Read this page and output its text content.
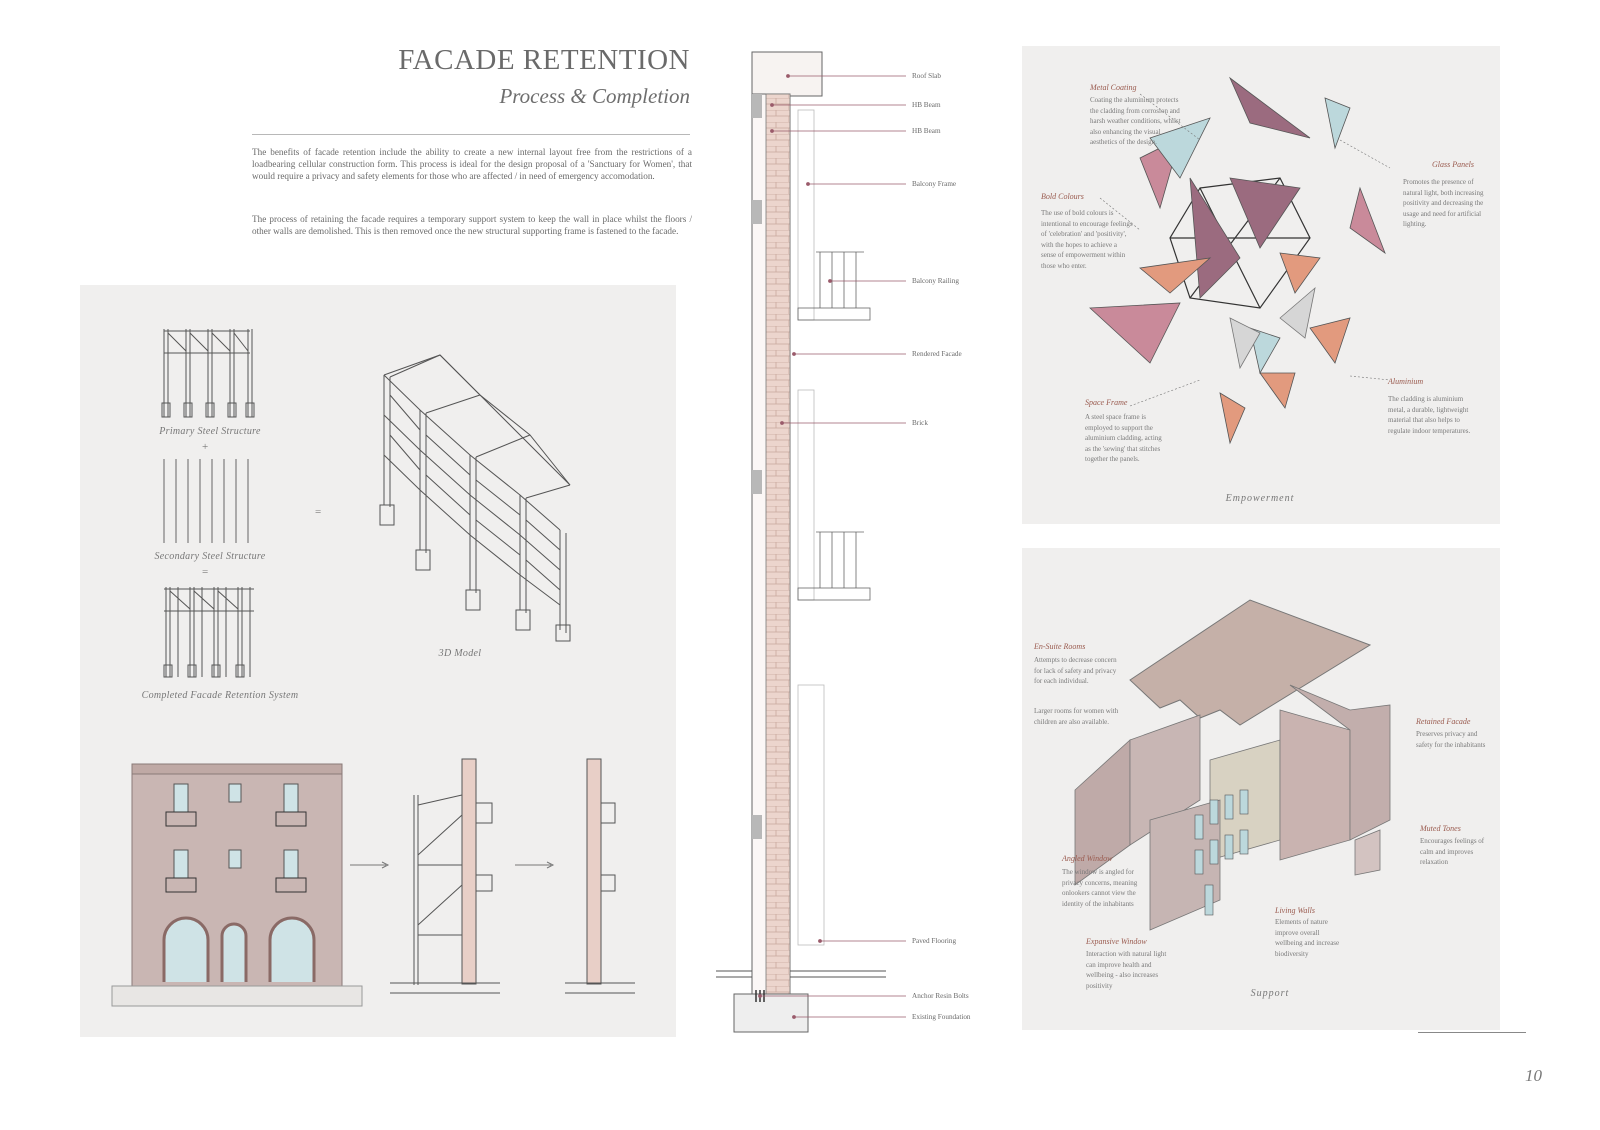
FACADE RETENTION
Process & Completion
The benefits of facade retention include the ability to create a new internal layout free from the restrictions of a loadbearing cellular construction form. This process is ideal for the design proposal of a 'Sanctuary for Women', that would require a privacy and safety elements for those who are affected / in need of emergency accomodation.
The process of retaining the facade requires a temporary support system to keep the wall in place whilst the floors / other walls are demolished. This is then removed once the new structural supporting frame is fastened to the facade.
Primary Steel Structure
+
Secondary Steel Structure
=
Completed Facade Retention System
=
3D Model
Roof Slab
HB Beam
HB Beam
Balcony Frame
Balcony Railing
Rendered Facade
Brick
Paved Flooring
Anchor Resin Bolts
Existing Foundation
Metal Coating
Coating the aluminium protects the cladding from corrosion and harsh weather conditions, whilst also enhancing the visual aesthetics of the design.
Glass Panels
Promotes the presence of natural light, both increasing positivity and decreasing the usage and need for artificial lighting.
Bold Colours
The use of bold colours is intentional to encourage feelings of 'celebration' and 'positivity', with the hopes to achieve a sense of empowerment within those who enter.
Aluminium
The cladding is aluminium metal, a durable, lightweight material that also helps to regulate indoor temperatures.
Space Frame
A steel space frame is employed to support the aluminium cladding, acting as the 'sewing' that stitches together the panels.
Empowerment
En-Suite Rooms
Attempts to decrease concern for lack of safety and privacy for each individual.
Larger rooms for women with children are also available.	Retained Facade
Preserves privacy and safety for the inhabitants
Muted Tones
Encourages feelings of calm and improves relaxation
Angled Window
The window is angled for privacy concerns, meaning onlookers cannot view the identity of the inhabitants
Living Walls
Elements of nature improve overall wellbeing and increase biodiversity
Expansive Window
Interaction with natural light can improve health and wellbeing - also increases positivity
Support
10
